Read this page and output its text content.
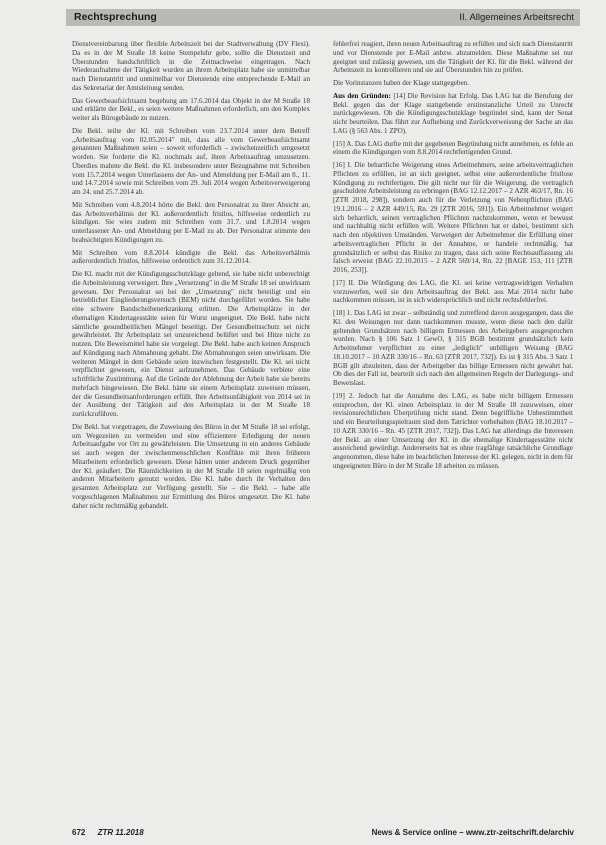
Rechtsprechung	II. Allgemeines Arbeitsrecht

Dienstvereinbarung über flexible Arbeitszeit bei der Stadtverwaltung (DV Flexi). Da es in der M Straße 18 keine Stempeluhr gebe, sollte die Dienstzeit und Überstunden handschriftlich in die Zeitnachweise eingetragen. Nach Wiederaufnahme der Tätigkeit wurden an ihrem Arbeitsplatz habe sie unmittelbar nach Dienstantritt und unmittelbar vor Dienstende eine entsprechende E-Mail an das Sekretariat der Amtsleitung senden.

Das Gewerbeaufsichtsamt begehung am 17.6.2014 das Objekt in der M Straße 18 und erklärte der Bekl., es seien weitere Maßnahmen erforderlich, um den Komplex weiter als Bürogebäude zu nutzen.

Die Bekl. teilte der Kl. mit Schreiben vom 23.7.2014 unter dem Betreff „Arbeitsauftrag vom 02.05.2014" mit, dass alle vom Gewerbeaufsichtsamt genannten Maßnahmen seien – soweit erforderlich – zwischenzeitlich umgesetzt worden. Sie forderte die Kl. nochmals auf, ihren Arbeitsauftrag umzusetzen. Überdies mahnte die Bekl. die Kl. insbesondere unter Bezugnahme mit Schreiben vom 15.7.2014 wegen Unterlassens der An- und Abmeldung per E-Mail am 8., 11. und 14.7.2014 sowie mit Schreiben vom 29. Juli 2014 wegen Arbeitsverweigerung am 24. und 25.7.2014 ab.

Mit Schreiben vom 4.8.2014 hörte die Bekl. den Personalrat zu ihrer Absicht an, das Arbeitsverhältnis der Kl. außerordentlich fristlos, hilfsweise ordentlich zu kündigen. Sie wies zudem mit Schreiben vom 31.7. und 1.8.2014 wegen unterlassener An- und Abmeldung per E-Mail zu ab. Der Personalrat stimmte den beabsichtigten Kündigungen zu.

Mit Schreiben vom 8.8.2014 kündigte die Bekl. das Arbeitsverhältnis außerordentlich fristlos, hilfsweise ordentlich zum 31.12.2014.

Die Kl. macht mit der Kündigungsschutzklage geltend, sie habe nicht unberechtigt die Arbeitsleistung verweigert. Ihre „Versetzung" in die M Straße 18 sei unwirksam gewesen. Der Personalrat sei bei der „Umsetzung" nicht beteiligt und ein betrieblicher Eingliederungsversuch (BEM) nicht durchgeführt worden. Sie habe eine schwere Bandscheibenerkrankung erlitten. Die Arbeitsplätze in der ehemaligen Kindertagesstätte seien für Wurst ungeeignet. Die Bekl. habe nicht sämtliche gesundheitlichen Mängel beseitigt. Der Gesundheitsschutz sei nicht gewährleistet. Ihr Arbeitsplatz sei unzureichend belüftet und bei Hitze nicht zu nutzen. Die Beweismittel habe sie vorgelegt. Die Bekl. habe auch keinen Anspruch auf Kündigung nach Abmahnung gehabt. Die Abmahnungen seien unwirksam. Die weiteren Mängel in dem Gebäude seien inzwischen festgestellt. Die Kl. sei nicht verpflichtet gewesen, ein Dienst aufzunehmen. Das Gebäude verbiete eine schriftliche Zustimmung. Auf die Gründe der Ablehnung der Arbeit habe sie bereits mehrfach hingewiesen. Die Bekl. hätte sie einem Arbeitsplatz zuweisen müssen, der die Gesundheitsanforderungen erfüllt. Ihre Arbeitsunfähigkeit von 2014 sei in der Ausübung der Tätigkeit auf den Arbeitsplatz in der M Straße 18 zurückzuführen.

Die Bekl. hat vorgetragen, die Zuweisung des Büros in der M Straße 18 sei erfolgt, um Wegezeiten zu vermeiden und eine effizientere Erledigung der neuen Arbeitsaufgabe vor Ort zu gewährleisten. Die Umsetzung in ein anderes Gebäude sei auch wegen der zwischenmenschlichen Konflikte mit ihren früheren Mitarbeitern erforderlich gewesen. Diese hätten unter anderem Druck gegenüber der Kl. geäußert. Die Räumlichkeiten in der M Straße 18 seien regelmäßig von anderen Mitarbeitern genutzt worden. Die Kl. habe durch ihr Verhalten den gesamten Arbeitsplatz zur Verfügung gestellt. Sie – die Bekl. – habe alle vorgeschlagenen Maßnahmen zur Ermittlung des Büros umgesetzt. Die Kl. habe daher nicht rechtmäßig gehandelt.

fehlerfrei reagiert, ihren neuen Arbeitsauftrag zu erfüllen und sich nach Dienstantritt und vor Dienstende per E-Mail anbzw. abzumelden. Diese Maßnahme sei nur geeignet und zulässig gewesen, um die Tätigkeit der Kl. für die Bekl. während der Arbeitszeit zu kontrollieren und sie auf Überstunden hin zu prüfen.

Die Vorinstanzen haben der Klage stattgegeben.

Aus den Gründen: [14] Die Revision hat Erfolg. Das LAG hat die Berufung der Bekl. gegen das der Klage stattgebende erstinstanzliche Urteil zu Unrecht zurückgewiesen. Ob die Kündigungsschutzklage begründet sind, kann der Senat nicht beurteilen. Das führt zur Aufhebung und Zurückverweisung der Sache an das LAG (§ 563 Abs. 1 ZPO).

[15] A. Das LAG durfte mit der gegebenen Begründung nicht annehmen, es fehle an einem die Kündigungen vom 8.8.2014 rechtfertigenden Grund.

[16] I. Die beharrliche Weigerung eines Arbeitnehmers, seine arbeitsvertraglichen Pflichten zu erfüllen, ist an sich geeignet, selbst eine außerordentliche fristlose Kündigung zu rechtfertigen. Die gilt nicht nur für die Weigerung, die vertraglich geschuldete Arbeitsleistung zu erbringen (BAG 12.12.2017 – 2 AZR 463/17, Rn. 16 [ZTR 2018, 298]), sondern auch für die Verletzung von Nebenpflichten (BAG 19.1.2016 – 2 AZR 449/15, Rn. 29 [ZTR 2016, 591]). Ein Arbeitnehmer weigert sich beharrlich, seinen vertraglichen Pflichten nachzukommen, wenn er bewusst und nachhaltig nicht erfüllen will. Weitere Pflichten hat er dabei, bestimmt sich nach den objektiven Umständen. Verweigert der Arbeitnehmer die Erfüllung einer arbeitsvertraglichen Pflicht in der Annahme, er handele rechtmäßig, hat grundsätzlich er selbst das Risiko zu tragen, dass sich seine Rechtsauffassung als falsch erweist (BAG 22.10.2015 – 2 AZR 569/14, Rn. 22 [BAGE 153, 111 [ZTR 2016, 253]].

[17] II. Die Würdigung des LAG, die Kl. sei keine vertragswidrigen Verhalten vorzuwerfen, weil sie den Arbeitsauftrag der Bekl. aus Mai 2014 nicht habe nachkommen müssen, ist in sich widersprüchlich und nicht rechtsfehlerfrei.

[18] 1. Das LAG ist zwar – selbständig und zutreffend davon ausgegangen, dass die Kl. den Weisungen nur dann nachkommen musste, wenn diese nach den dafür geltenden Grundsätzen nach billigem Ermessen des Arbeitgebers ausgesprochen wurden. Nach § 106 Satz 1 GewO, § 315 BGB bestimmt grundsätzlich kein Arbeitnehmer verpflichtet zu einer „lediglich" unbilligen Weisung (BAG 18.10.2017 – 10 AZR 330/16 – Rn. 63 [ZTR 2017, 732]). Es ist § 315 Abs. 3 Satz 1 BGB gilt abzuleiten, dass der Arbeitgeber das billige Ermessen nicht gewahrt hat. Ob dies der Fall ist, beurteilt sich nach den allgemeinen Regeln der Darlegungs- und Beweislast.

[19] 2. Jedoch hat die Annahme des LAG, es habe nicht billigem Ermessen entsprochen, der Kl. einen Arbeitsplatz in der M Straße 18 zuzuweisen, einer revisionsrechtlichen Überprüfung nicht stand. Denn begriffliche Unbestimmtheit und ein Beurteilungsspielraum sind dem Tatrichter vorbehalten (BAG 18.10.2017 – 10 AZR 330/16 – Rn. 45 [ZTR 2017, 732]). Das LAG hat allerdings die Interessen der Bekl. an einer Umsetzung der Kl. in die ehemalige Kindertagesstätte nicht ausreichend gewürdigt. Andererseits hat es ohne tragfähige tatsächliche Grundlage angenommen, diese habe im beachtlichen Interesse der Kl. gelegen, nicht in dem für ungeeigneten Büro in der M Straße 18 arbeiten zu müssen.

672 ZTR 11.2018	News & Service online – www.ztr-zeitschrift.de/archiv
